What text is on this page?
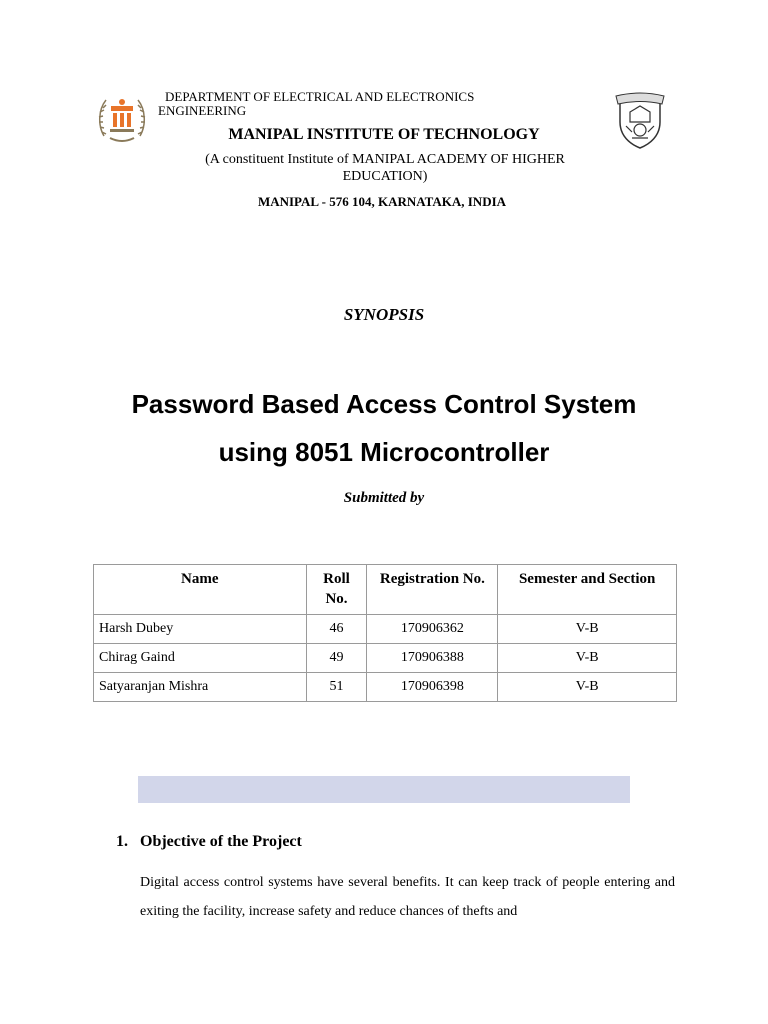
DEPARTMENT OF ELECTRICAL AND ELECTRONICS
ENGINEERING
MANIPAL INSTITUTE OF TECHNOLOGY
(A constituent Institute of MANIPAL ACADEMY OF HIGHER EDUCATION)
MANIPAL - 576 104, KARNATAKA, INDIA
SYNOPSIS
Password Based Access Control System
using 8051 Microcontroller
Submitted by
Name	Roll No.	Registration No.	Semester and Section
Harsh Dubey	46	170906362	V-B
Chirag Gaind	49	170906388	V-B
Satyaranjan Mishra	51	170906398	V-B
1. Objective of the Project
Digital access control systems have several benefits. It can keep track of people entering and exiting the facility, increase safety and reduce chances of thefts and
